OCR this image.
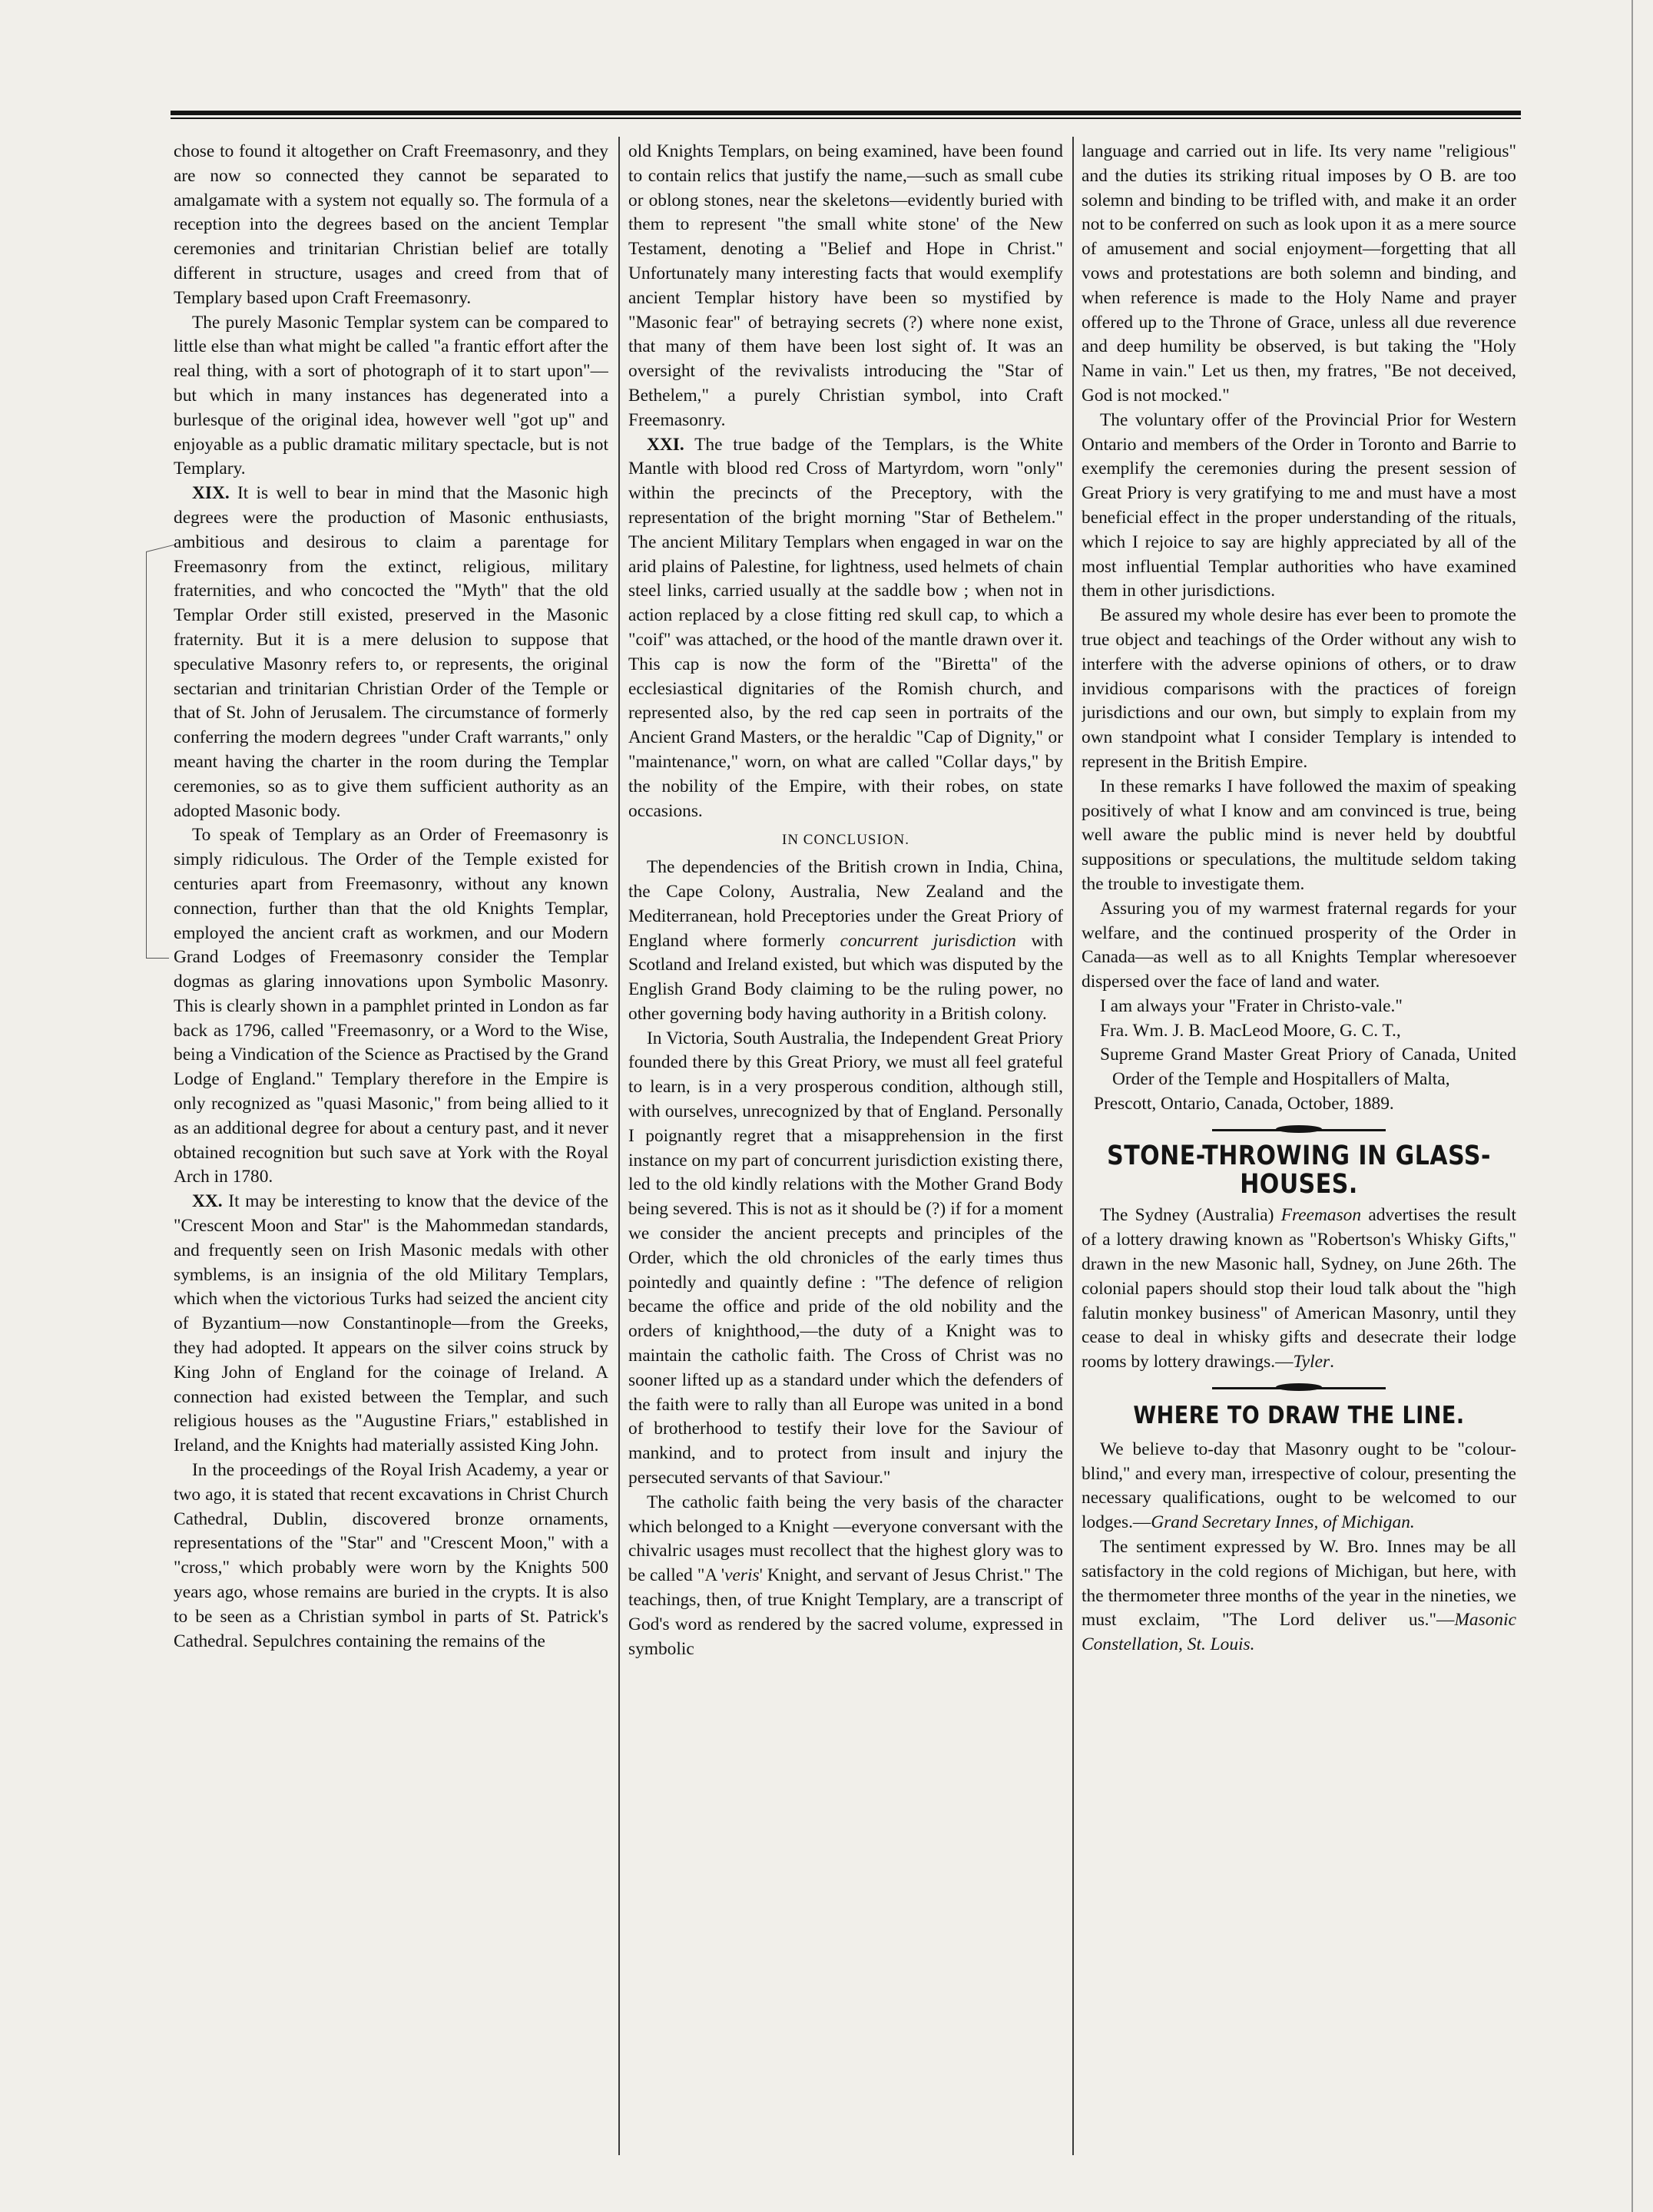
chose to found it altogether on Craft Freemasonry, and they are now so connected they cannot be separated to amalgamate with a system not equally so. The formula of a reception into the degrees based on the ancient Templar ceremonies and trinitarian Christian belief are totally different in structure, usages and creed from that of Templary based upon Craft Freemasonry.

The purely Masonic Templar system can be compared to little else than what might be called "a frantic effort after the real thing, with a sort of photograph of it to start upon"—but which in many instances has degenerated into a burlesque of the original idea, however well "got up" and enjoyable as a public dramatic military spectacle, but is not Templary.

XIX. It is well to bear in mind that the Masonic high degrees were the production of Masonic enthusiasts, ambitious and desirous to claim a parentage for Freemasonry from the extinct, religious, military fraternities, and who concocted the "Myth" that the old Templar Order still existed, preserved in the Masonic fraternity. But it is a mere delusion to suppose that speculative Masonry refers to, or represents, the original sectarian and trinitarian Christian Order of the Temple or that of St. John of Jerusalem. The circumstance of formerly conferring the modern degrees "under Craft warrants," only meant having the charter in the room during the Templar ceremonies, so as to give them sufficient authority as an adopted Masonic body.

To speak of Templary as an Order of Freemasonry is simply ridiculous. The Order of the Temple existed for centuries apart from Freemasonry, without any known connection, further than that the old Knights Templar, employed the ancient craft as workmen, and our Modern Grand Lodges of Freemasonry consider the Templar dogmas as glaring innovations upon Symbolic Masonry. This is clearly shown in a pamphlet printed in London as far back as 1796, called "Freemasonry, or a Word to the Wise, being a Vindication of the Science as Practised by the Grand Lodge of England." Templary therefore in the Empire is only recognized as "quasi Masonic," from being allied to it as an additional degree for about a century past, and it never obtained recognition but such save at York with the Royal Arch in 1780.

XX. It may be interesting to know that the device of the "Crescent Moon and Star" is the Mahommedan standards, and frequently seen on Irish Masonic medals with other symblems, is an insignia of the old Military Templars, which when the victorious Turks had seized the ancient city of Byzantium—now Constantinople—from the Greeks, they had adopted. It appears on the silver coins struck by King John of England for the coinage of Ireland. A connection had existed between the Templar, and such religious houses as the "Augustine Friars," established in Ireland, and the Knights had materially assisted King John.

In the proceedings of the Royal Irish Academy, a year or two ago, it is stated that recent excavations in Christ Church Cathedral, Dublin, discovered bronze ornaments, representations of the "Star" and "Crescent Moon," with a "cross," which probably were worn by the Knights 500 years ago, whose remains are buried in the crypts. It is also to be seen as a Christian symbol in parts of St. Patrick's Cathedral. Sepulchres containing the remains of the

old Knights Templars, on being examined, have been found to contain relics that justify the name,—such as small cube or oblong stones, near the skeletons—evidently buried with them to represent "the small white stone' of the New Testament, denoting a "Belief and Hope in Christ." Unfortunately many interesting facts that would exemplify ancient Templar history have been so mystified by "Masonic fear" of betraying secrets (?) where none exist, that many of them have been lost sight of. It was an oversight of the revivalists introducing the "Star of Bethelem," a purely Christian symbol, into Craft Freemasonry.

XXI. The true badge of the Templars, is the White Mantle with blood red Cross of Martyrdom, worn "only" within the precincts of the Preceptory, with the representation of the bright morning "Star of Bethelem." The ancient Military Templars when engaged in war on the arid plains of Palestine, for lightness, used helmets of chain steel links, carried usually at the saddle bow ; when not in action replaced by a close fitting red skull cap, to which a "coif" was attached, or the hood of the mantle drawn over it. This cap is now the form of the "Biretta" of the ecclesiastical dignitaries of the Romish church, and represented also, by the red cap seen in portraits of the Ancient Grand Masters, or the heraldic "Cap of Dignity," or "maintenance," worn, on what are called "Collar days," by the nobility of the Empire, with their robes, on state occasions.

IN CONCLUSION.

The dependencies of the British crown in India, China, the Cape Colony, Australia, New Zealand and the Mediterranean, hold Preceptories under the Great Priory of England where formerly concurrent jurisdiction with Scotland and Ireland existed, but which was disputed by the English Grand Body claiming to be the ruling power, no other governing body having authority in a British colony.

In Victoria, South Australia, the Independent Great Priory founded there by this Great Priory, we must all feel grateful to learn, is in a very prosperous condition, although still, with ourselves, unrecognized by that of England. Personally I poignantly regret that a misapprehension in the first instance on my part of concurrent jurisdiction existing there, led to the old kindly relations with the Mother Grand Body being severed. This is not as it should be (?) if for a moment we consider the ancient precepts and principles of the Order, which the old chronicles of the early times thus pointedly and quaintly define : "The defence of religion became the office and pride of the old nobility and the orders of knighthood,—the duty of a Knight was to maintain the catholic faith. The Cross of Christ was no sooner lifted up as a standard under which the defenders of the faith were to rally than all Europe was united in a bond of brotherhood to testify their love for the Saviour of mankind, and to protect from insult and injury the persecuted servants of that Saviour."

The catholic faith being the very basis of the character which belonged to a Knight —everyone conversant with the chivalric usages must recollect that the highest glory was to be called "A 'veris' Knight, and servant of Jesus Christ." The teachings, then, of true Knight Templary, are a transcript of God's word as rendered by the sacred volume, expressed in symbolic

language and carried out in life. Its very name "religious" and the duties its striking ritual imposes by O B. are too solemn and binding to be trifled with, and make it an order not to be conferred on such as look upon it as a mere source of amusement and social enjoyment—forgetting that all vows and protestations are both solemn and binding, and when reference is made to the Holy Name and prayer offered up to the Throne of Grace, unless all due reverence and deep humility be observed, is but taking the "Holy Name in vain." Let us then, my fratres, "Be not deceived, God is not mocked."

The voluntary offer of the Provincial Prior for Western Ontario and members of the Order in Toronto and Barrie to exemplify the ceremonies during the present session of Great Priory is very gratifying to me and must have a most beneficial effect in the proper understanding of the rituals, which I rejoice to say are highly appreciated by all of the most influential Templar authorities who have examined them in other jurisdictions.

Be assured my whole desire has ever been to promote the true object and teachings of the Order without any wish to interfere with the adverse opinions of others, or to draw invidious comparisons with the practices of foreign jurisdictions and our own, but simply to explain from my own standpoint what I consider Templary is intended to represent in the British Empire.

In these remarks I have followed the maxim of speaking positively of what I know and am convinced is true, being well aware the public mind is never held by doubtful suppositions or speculations, the multitude seldom taking the trouble to investigate them.

Assuring you of my warmest fraternal regards for your welfare, and the continued prosperity of the Order in Canada—as well as to all Knights Templar wheresoever dispersed over the face of land and water.

I am always your "Frater in Christo-vale."

Fra. Wm. J. B. MacLeod Moore, G. C. T.,
Supreme Grand Master Great Priory of Canada, United Order of the Temple and Hospitallers of Malta,
Prescott, Ontario, Canada, October, 1889.

STONE-THROWING IN GLASS-HOUSES.

The Sydney (Australia) Freemason advertises the result of a lottery drawing known as "Robertson's Whisky Gifts," drawn in the new Masonic hall, Sydney, on June 26th. The colonial papers should stop their loud talk about the "high falutin monkey business" of American Masonry, until they cease to deal in whisky gifts and desecrate their lodge rooms by lottery drawings.—Tyler.

WHERE TO DRAW THE LINE.

We believe to-day that Masonry ought to be "colour-blind," and every man, irrespective of colour, presenting the necessary qualifications, ought to be welcomed to our lodges.—Grand Secretary Innes, of Michigan.

The sentiment expressed by W. Bro. Innes may be all satisfactory in the cold regions of Michigan, but here, with the thermometer three months of the year in the nineties, we must exclaim, "The Lord deliver us."—Masonic Constellation, St. Louis.
